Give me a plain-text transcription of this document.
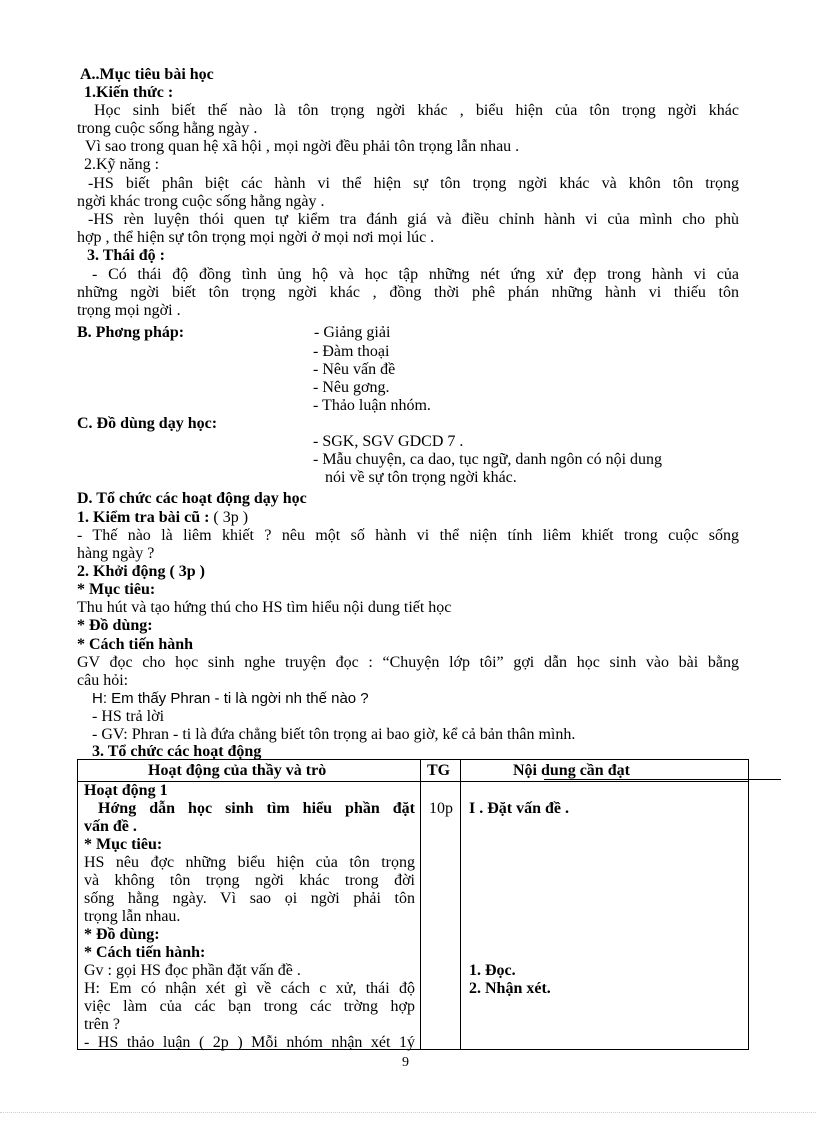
A..Mục tiêu bài học
1.Kiến thức :
Học sinh biết thế nào là tôn trọng ngời khác , biểu hiện của tôn trọng ngời khác
trong cuộc sống hằng ngày .
Vì sao trong quan hệ xã hội , mọi ngời đều phải tôn trọng lẫn nhau .
2.Kỹ năng :
-HS biết phân biệt các hành vi thể hiện sự tôn trọng ngời khác và khôn tôn trọng
ngời khác trong cuộc sống hằng ngày .
-HS rèn luyện thói quen tự kiểm tra đánh giá và điều chỉnh hành vi của mình cho phù
hợp , thể hiện sự tôn trọng mọi ngời ở mọi nơi mọi lúc .
3. Thái độ :
- Có thái độ đồng tình ủng hộ và học tập những nét ứng xử đẹp trong hành vi của
những ngời biết tôn trọng ngời khác , đồng thời phê phán những hành vi thiếu tôn
trọng mọi ngời .
B. Phơng pháp:	- Giảng giải
- Đàm thoại
- Nêu vấn đề
- Nêu gơng.
- Thảo luận nhóm.
C. Đồ dùng dạy học:
- SGK, SGV GDCD 7 .
- Mẫu chuyện, ca dao, tục ngữ, danh ngôn có nội dung
nói về sự tôn trọng ngời khác.
D. Tổ chức các hoạt động dạy học
1. Kiểm tra bài cũ : ( 3p )
- Thế nào là liêm khiết ? nêu một số hành vi thể niện tính liêm khiết trong cuộc sống
hàng ngày ?
2. Khởi động ( 3p )
* Mục tiêu:
Thu hút và tạo hứng thú cho HS tìm hiểu nội dung tiết học
* Đồ dùng:
* Cách tiến hành
GV đọc cho học sinh nghe truyện đọc : “Chuyện lớp tôi” gợi dẫn học sinh vào bài bằng
câu hỏi:
H: Em thấy Phran - ti là ngời nh thế nào ?
- HS trả lời
- GV: Phran - ti là đứa chẳng biết tôn trọng ai bao giờ, kể cả bản thân mình.
3. Tổ chức các hoạt động
Hoạt động của thầy và trò	TG	Nội dung cần đạt
Hoạt động 1
Hớng dẫn học sinh tìm hiểu phần đặt
vấn đề .
* Mục tiêu:
HS nêu đợc những biểu hiện của tôn trọng
và không tôn trọng ngời khác trong đời
sống hằng ngày. Vì sao ọi ngời phải tôn
trọng lẫn nhau.
* Đồ dùng:
* Cách tiến hành:
Gv : gọi HS đọc phần đặt vấn đề .
H: Em có nhận xét gì về cách c xử, thái độ
việc làm của các bạn trong các trờng hợp
trên ?
- HS thảo luận ( 2p ) Mỗi nhóm nhận xét 1ý
10p I . Đặt vấn đề .
1. Đọc.
2. Nhận xét.
9
